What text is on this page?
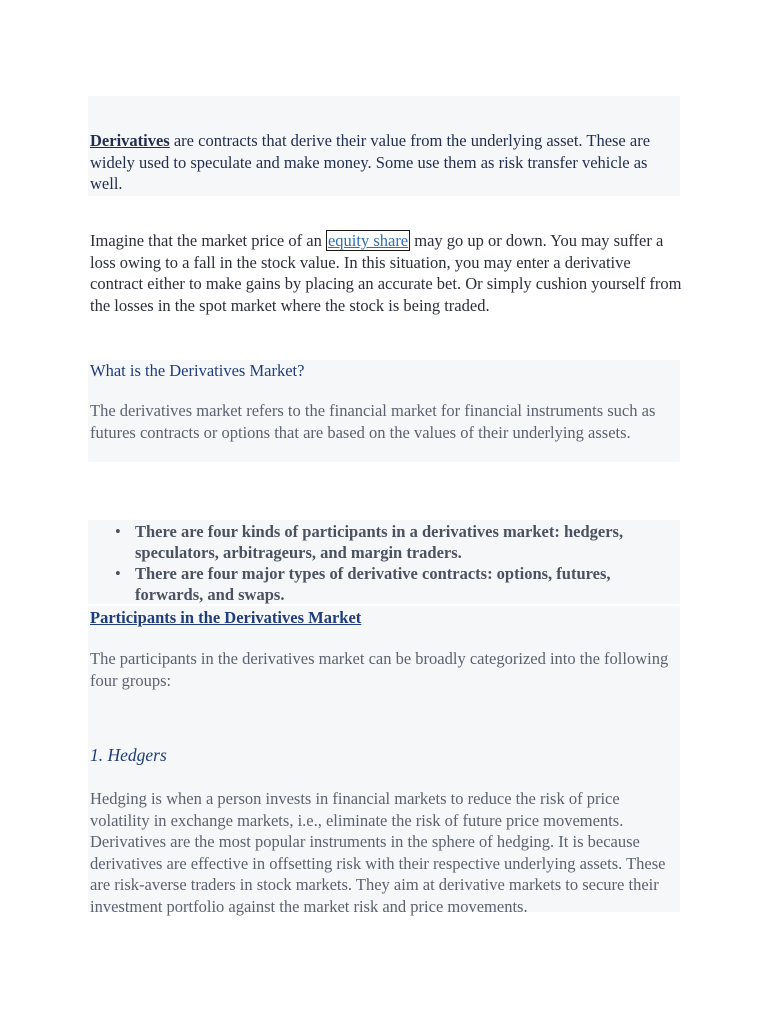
Derivatives are contracts that derive their value from the underlying asset. These are widely used to speculate and make money. Some use them as risk transfer vehicle as well.

Imagine that the market price of an equity share may go up or down. You may suffer a loss owing to a fall in the stock value. In this situation, you may enter a derivative contract either to make gains by placing an accurate bet. Or simply cushion yourself from the losses in the spot market where the stock is being traded.

What is the Derivatives Market?

The derivatives market refers to the financial market for financial instruments such as futures contracts or options that are based on the values of their underlying assets.

• There are four kinds of participants in a derivatives market: hedgers, speculators, arbitrageurs, and margin traders.
• There are four major types of derivative contracts: options, futures, forwards, and swaps.

Participants in the Derivatives Market

The participants in the derivatives market can be broadly categorized into the following four groups:

1. Hedgers

Hedging is when a person invests in financial markets to reduce the risk of price volatility in exchange markets, i.e., eliminate the risk of future price movements. Derivatives are the most popular instruments in the sphere of hedging. It is because derivatives are effective in offsetting risk with their respective underlying assets. These are risk-averse traders in stock markets. They aim at derivative markets to secure their investment portfolio against the market risk and price movements.
